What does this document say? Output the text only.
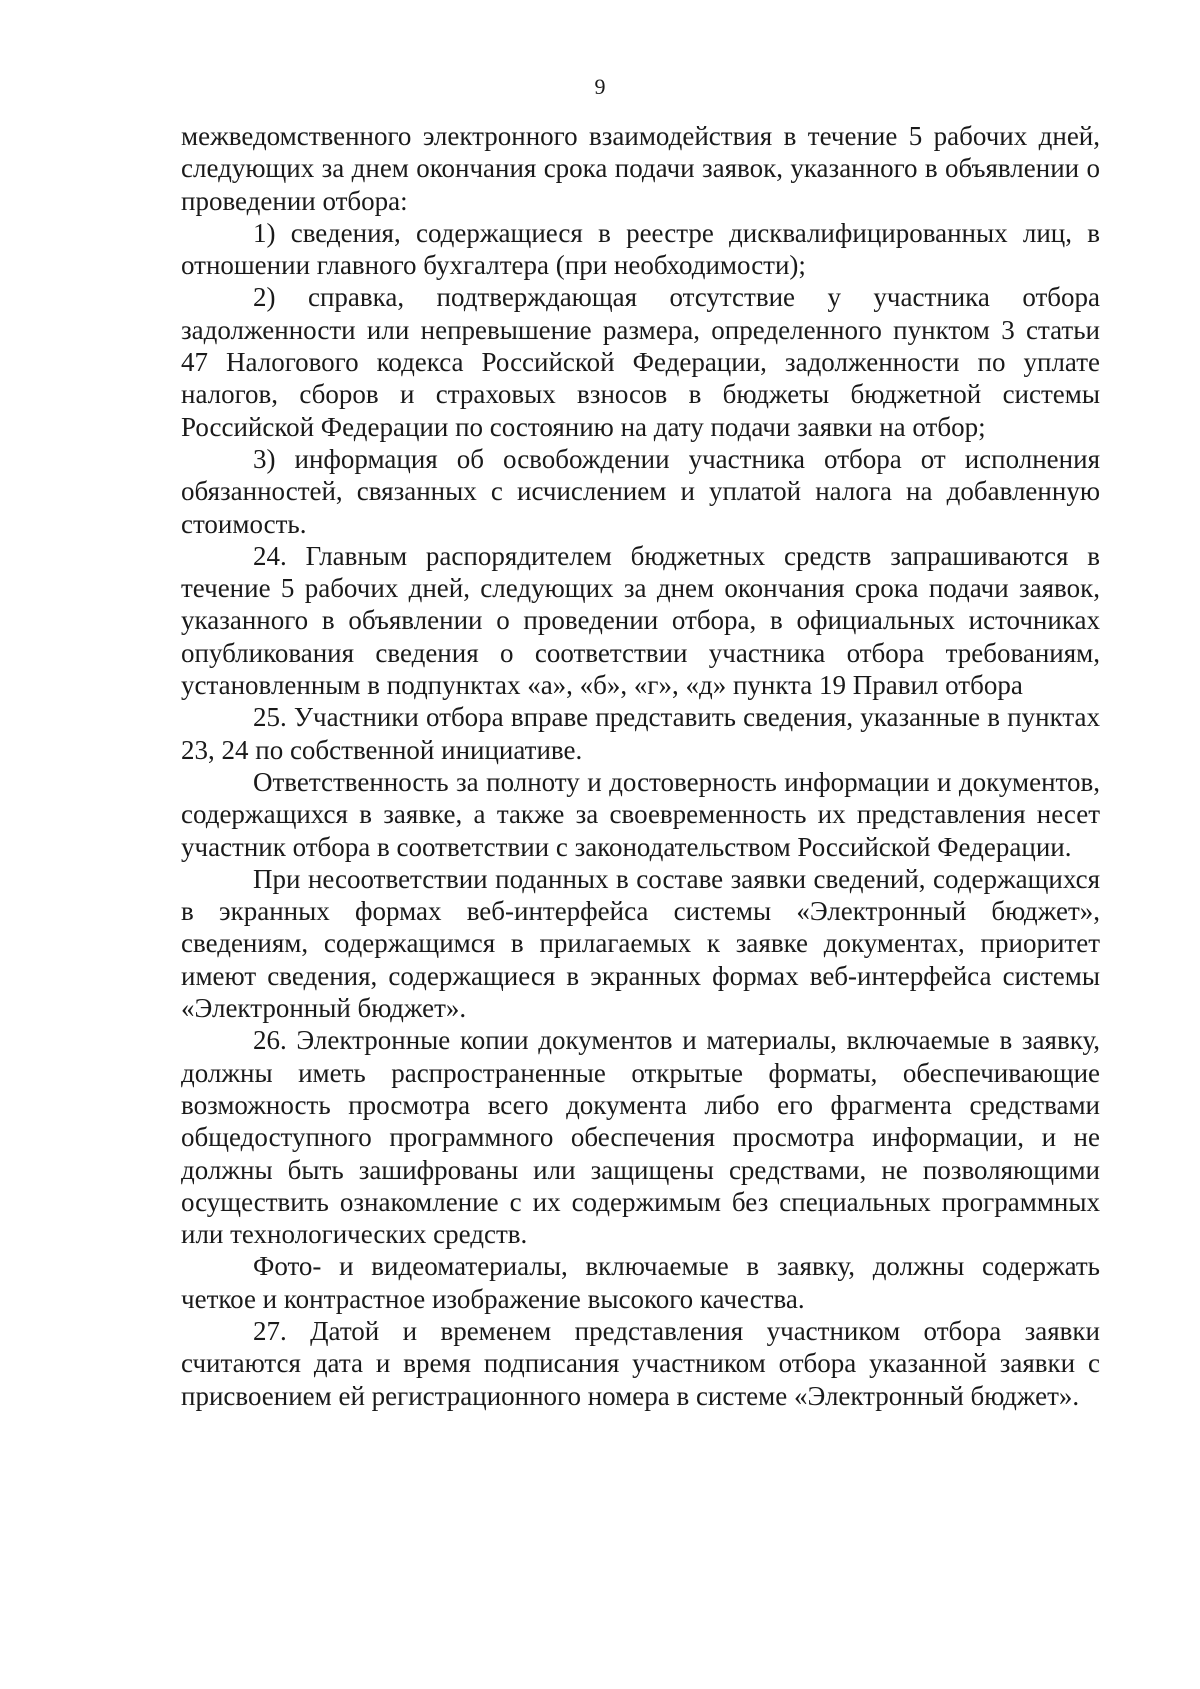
9

межведомственного электронного взаимодействия в течение 5 рабочих дней, следующих за днем окончания срока подачи заявок, указанного в объявлении о проведении отбора:

1) сведения, содержащиеся в реестре дисквалифицированных лиц, в отношении главного бухгалтера (при необходимости);

2) справка, подтверждающая отсутствие у участника отбора задолженности или непревышение размера, определенного пунктом 3 статьи 47 Налогового кодекса Российской Федерации, задолженности по уплате налогов, сборов и страховых взносов в бюджеты бюджетной системы Российской Федерации по состоянию на дату подачи заявки на отбор;

3) информация об освобождении участника отбора от исполнения обязанностей, связанных с исчислением и уплатой налога на добавленную стоимость.

24. Главным распорядителем бюджетных средств запрашиваются в течение 5 рабочих дней, следующих за днем окончания срока подачи заявок, указанного в объявлении о проведении отбора, в официальных источниках опубликования сведения о соответствии участника отбора требованиям, установленным в подпунктах «а», «б», «г», «д» пункта 19 Правил отбора

25. Участники отбора вправе представить сведения, указанные в пунктах 23, 24 по собственной инициативе.

Ответственность за полноту и достоверность информации и документов, содержащихся в заявке, а также за своевременность их представления несет участник отбора в соответствии с законодательством Российской Федерации.

При несоответствии поданных в составе заявки сведений, содержащихся в экранных формах веб-интерфейса системы «Электронный бюджет», сведениям, содержащимся в прилагаемых к заявке документах, приоритет имеют сведения, содержащиеся в экранных формах веб-интерфейса системы «Электронный бюджет».

26. Электронные копии документов и материалы, включаемые в заявку, должны иметь распространенные открытые форматы, обеспечивающие возможность просмотра всего документа либо его фрагмента средствами общедоступного программного обеспечения просмотра информации, и не должны быть зашифрованы или защищены средствами, не позволяющими осуществить ознакомление с их содержимым без специальных программных или технологических средств.

Фото- и видеоматериалы, включаемые в заявку, должны содержать четкое и контрастное изображение высокого качества.

27. Датой и временем представления участником отбора заявки считаются дата и время подписания участником отбора указанной заявки с присвоением ей регистрационного номера в системе «Электронный бюджет».
